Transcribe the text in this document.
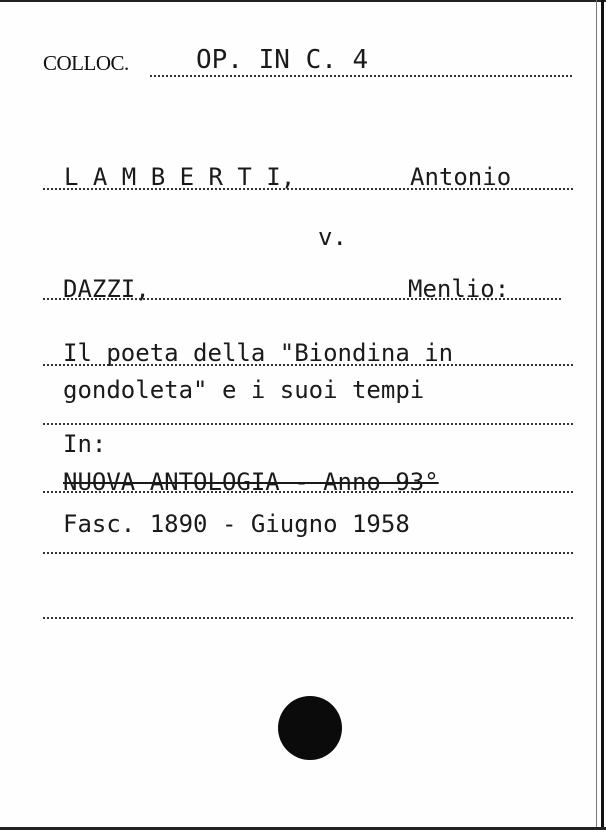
COLLOC.	OP. IN C. 4
L A M B E R T I,	Antonio
v.
DAZZI,	Menlio:
Il poeta della "Biondina in
gondoleta" e i suoi tempi
In:
NUOVA ANTOLOGIA - Anno 93°
Fasc. 1890 - Giugno 1958
